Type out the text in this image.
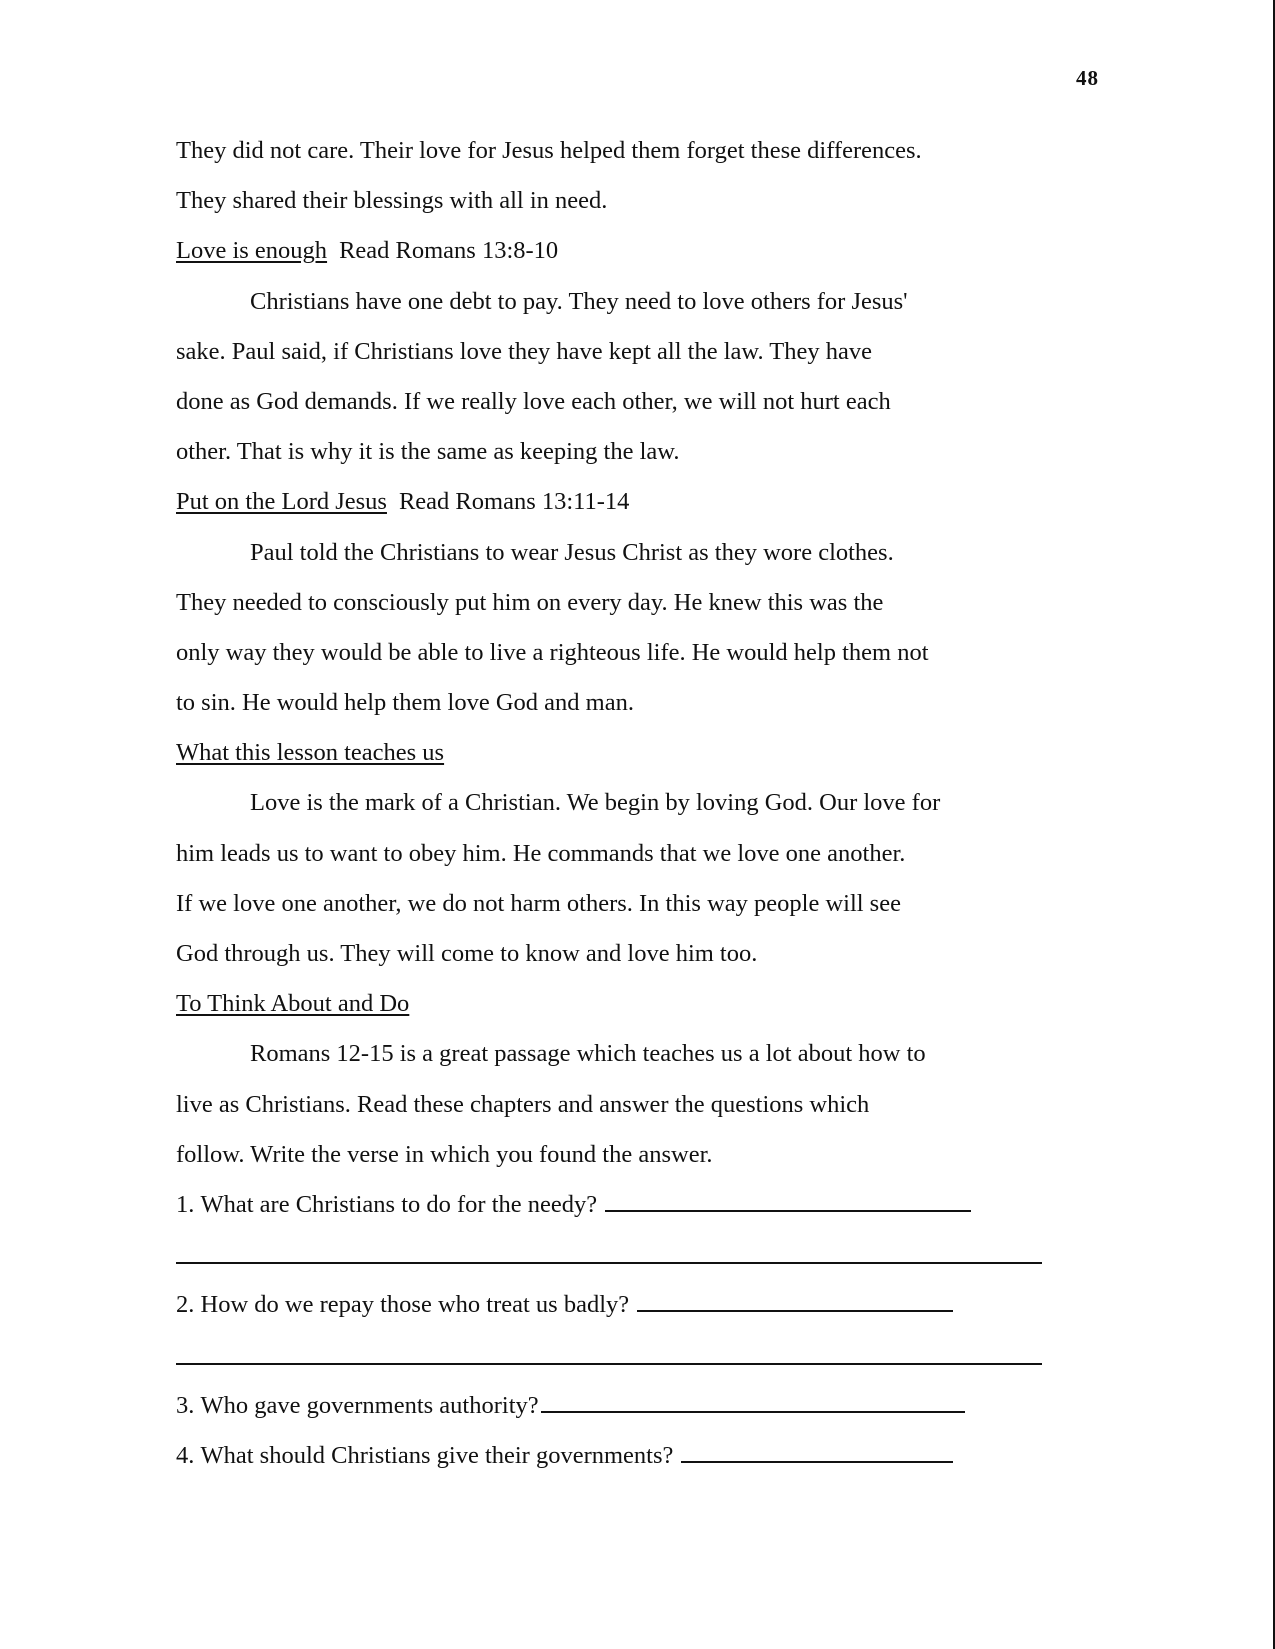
48
They did not care. Their love for Jesus helped them forget these differences.
They shared their blessings with all in need.
Love is enough Read Romans 13:8-10
Christians have one debt to pay. They need to love others for Jesus'
sake. Paul said, if Christians love they have kept all the law. They have
done as God demands. If we really love each other, we will not hurt each
other. That is why it is the same as keeping the law.
Put on the Lord Jesus Read Romans 13:11-14
Paul told the Christians to wear Jesus Christ as they wore clothes.
They needed to consciously put him on every day. He knew this was the
only way they would be able to live a righteous life. He would help them not
to sin. He would help them love God and man.
What this lesson teaches us
Love is the mark of a Christian. We begin by loving God. Our love for
him leads us to want to obey him. He commands that we love one another.
If we love one another, we do not harm others. In this way people will see
God through us. They will come to know and love him too.
To Think About and Do
Romans 12-15 is a great passage which teaches us a lot about how to
live as Christians. Read these chapters and answer the questions which
follow. Write the verse in which you found the answer.
1.
What are Christians to do for the needy?
2.
How do we repay those who treat us badly?
3.
Who gave governments authority?
4.
What should Christians give their governments?
